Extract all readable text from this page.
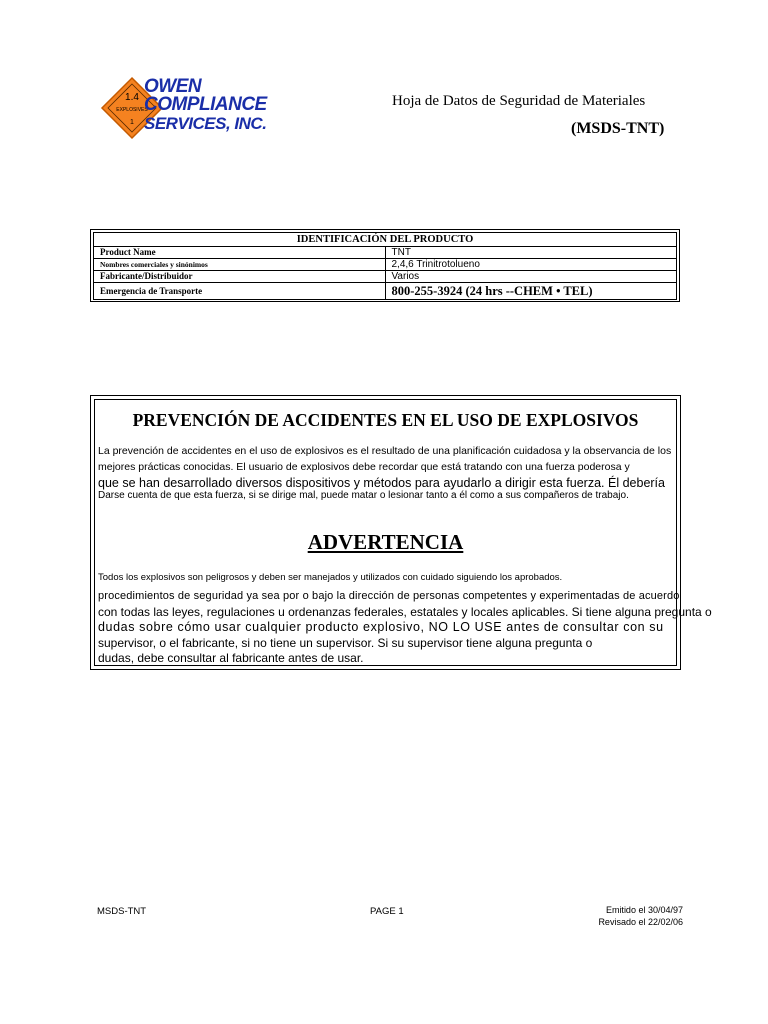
1.4
EXPLOSIVES
1
OWEN
COMPLIANCE
SERVICES, INC.
Hoja de Datos de Seguridad de Materiales
(MSDS-TNT)
IDENTIFICACIÓN DEL PRODUCTO	
Product Name	TNT
Nombres comerciales y sinónimos	2,4,6 Trinitrotolueno
Fabricante/Distribuidor	Varios
Emergencia de Transporte	800-255-3924 (24 hrs --CHEM • TEL)
PREVENCIÓN DE ACCIDENTES EN EL USO DE EXPLOSIVOS
La prevención de accidentes en el uso de explosivos es el resultado de una planificación cuidadosa y la observancia de los
mejores prácticas conocidas. El usuario de explosivos debe recordar que está tratando con una fuerza poderosa y
que se han desarrollado diversos dispositivos y métodos para ayudarlo a dirigir esta fuerza. Él debería
Darse cuenta de que esta fuerza, si se dirige mal, puede matar o lesionar tanto a él como a sus compañeros de trabajo.
ADVERTENCIA
Todos los explosivos son peligrosos y deben ser manejados y utilizados con cuidado siguiendo los aprobados.
procedimientos de seguridad ya sea por o bajo la dirección de personas competentes y experimentadas de acuerdo
con todas las leyes, regulaciones u ordenanzas federales, estatales y locales aplicables. Si tiene alguna pregunta o
dudas sobre cómo usar cualquier producto explosivo, NO LO USE antes de consultar con su
supervisor, o el fabricante, si no tiene un supervisor. Si su supervisor tiene alguna pregunta o
dudas, debe consultar al fabricante antes de usar.
MSDS-TNT	PAGE 1	Emitido el 30/04/97
Revisado el 22/02/06
